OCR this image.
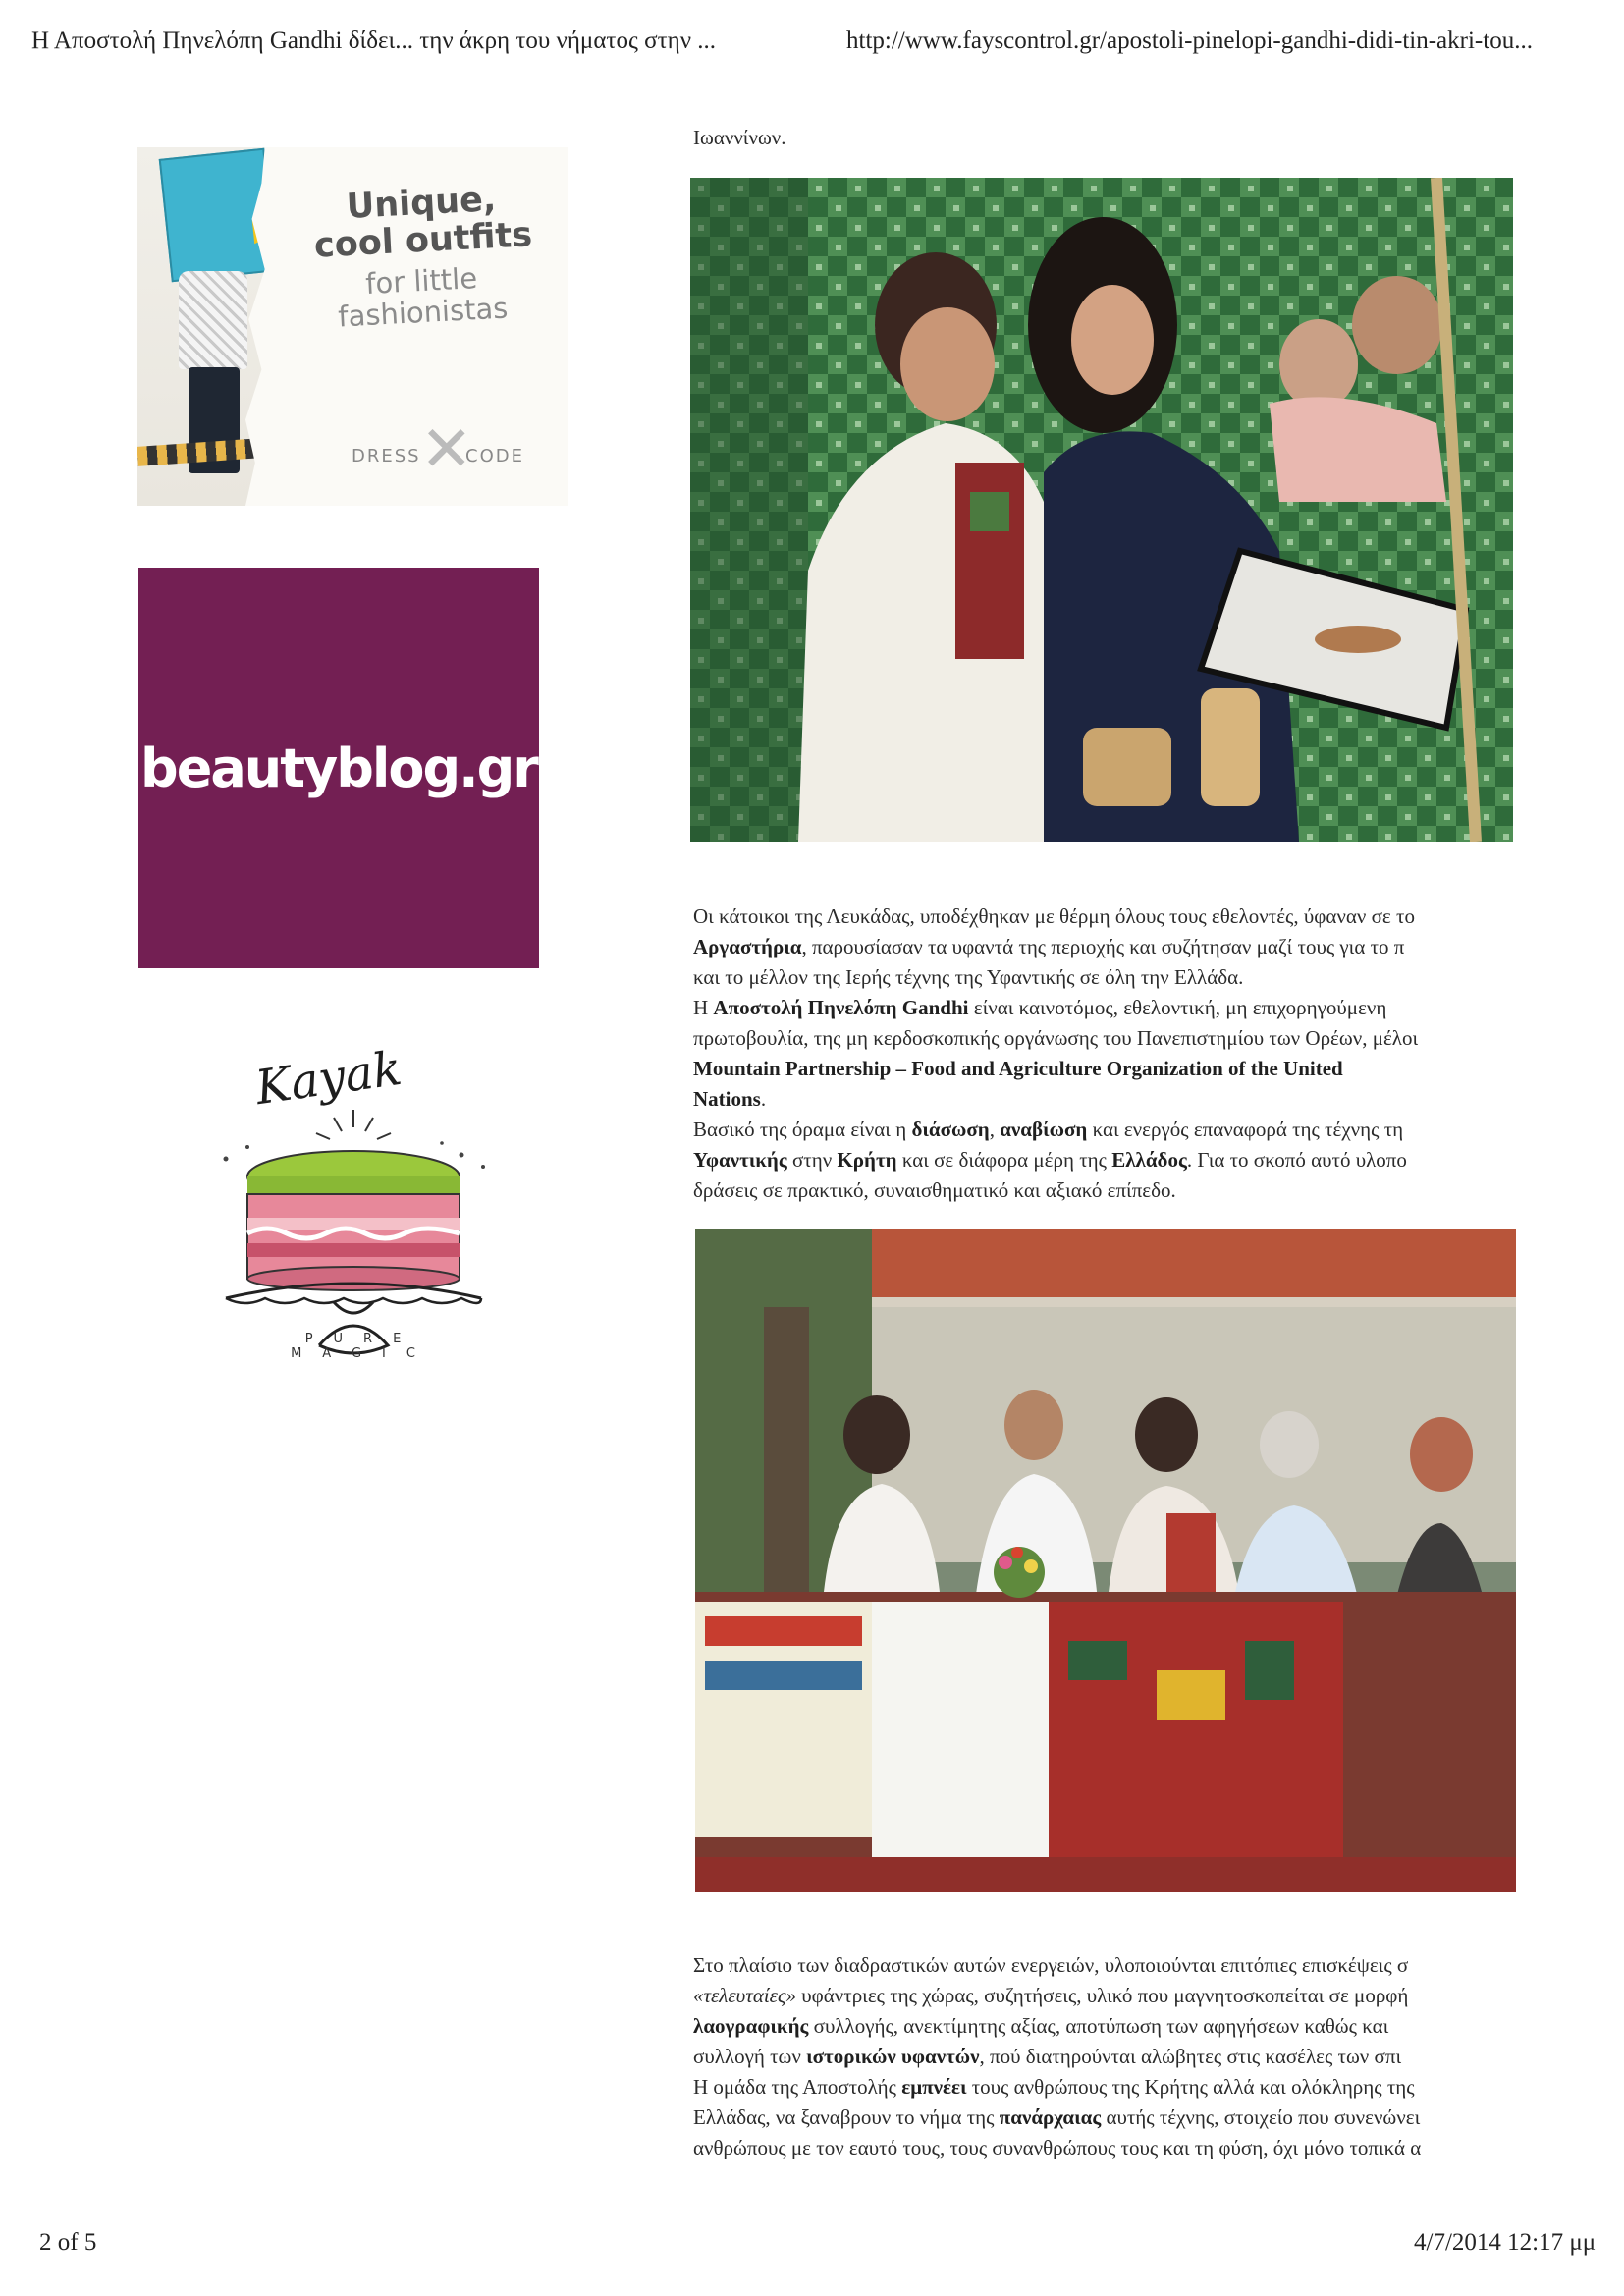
Η Αποστολή Πηνελόπη Gandhi δίδει... την άκρη του νήματος στην ...	http://www.fayscontrol.gr/apostoli-pinelopi-gandhi-didi-tin-akri-tou...
2 of 5	4/7/2014 12:17 μμ
Unique,
cool outfits
for little
fashionistas
DRESS ✕
CODE
beautyblog.gr
Kayak
PURE MAGIC
Ιωαννίνων.
Οι κάτοικοι της Λευκάδας, υποδέχθηκαν με θέρμη όλους τους εθελοντές, ύφαναν σε το
Αργαστήρια, παρουσίασαν τα υφαντά της περιοχής και συζήτησαν μαζί τους για το π
και το μέλλον της Ιερής τέχνης της Υφαντικής σε όλη την Ελλάδα.
Η Αποστολή Πηνελόπη Gandhi είναι καινοτόμος, εθελοντική, μη επιχορηγούμενη
πρωτοβουλία, της μη κερδοσκοπικής οργάνωσης του Πανεπιστημίου των Ορέων, μέλοι
Mountain Partnership – Food and Agriculture Organization of the United
Nations.
Βασικό της όραμα είναι η διάσωση, αναβίωση και ενεργός επαναφορά της τέχνης τη
Υφαντικής στην Κρήτη και σε διάφορα μέρη της Ελλάδος. Για το σκοπό αυτό υλοπο
δράσεις σε πρακτικό, συναισθηματικό και αξιακό επίπεδο.
Στο πλαίσιο των διαδραστικών αυτών ενεργειών, υλοποιούνται επιτόπιες επισκέψεις σ
«τελευταίες» υφάντριες της χώρας, συζητήσεις, υλικό που μαγνητοσκοπείται σε μορφή
λαογραφικής συλλογής, ανεκτίμητης αξίας, αποτύπωση των αφηγήσεων καθώς και
συλλογή των ιστορικών υφαντών, πού διατηρούνται αλώβητες στις κασέλες των σπι
Η ομάδα της Αποστολής εμπνέει τους ανθρώπους της Κρήτης αλλά και ολόκληρης της
Ελλάδας, να ξαναβρουν το νήμα της πανάρχαιας αυτής τέχνης, στοιχείο που συνενώνει
ανθρώπους με τον εαυτό τους, τους συνανθρώπους τους και τη φύση, όχι μόνο τοπικά α
